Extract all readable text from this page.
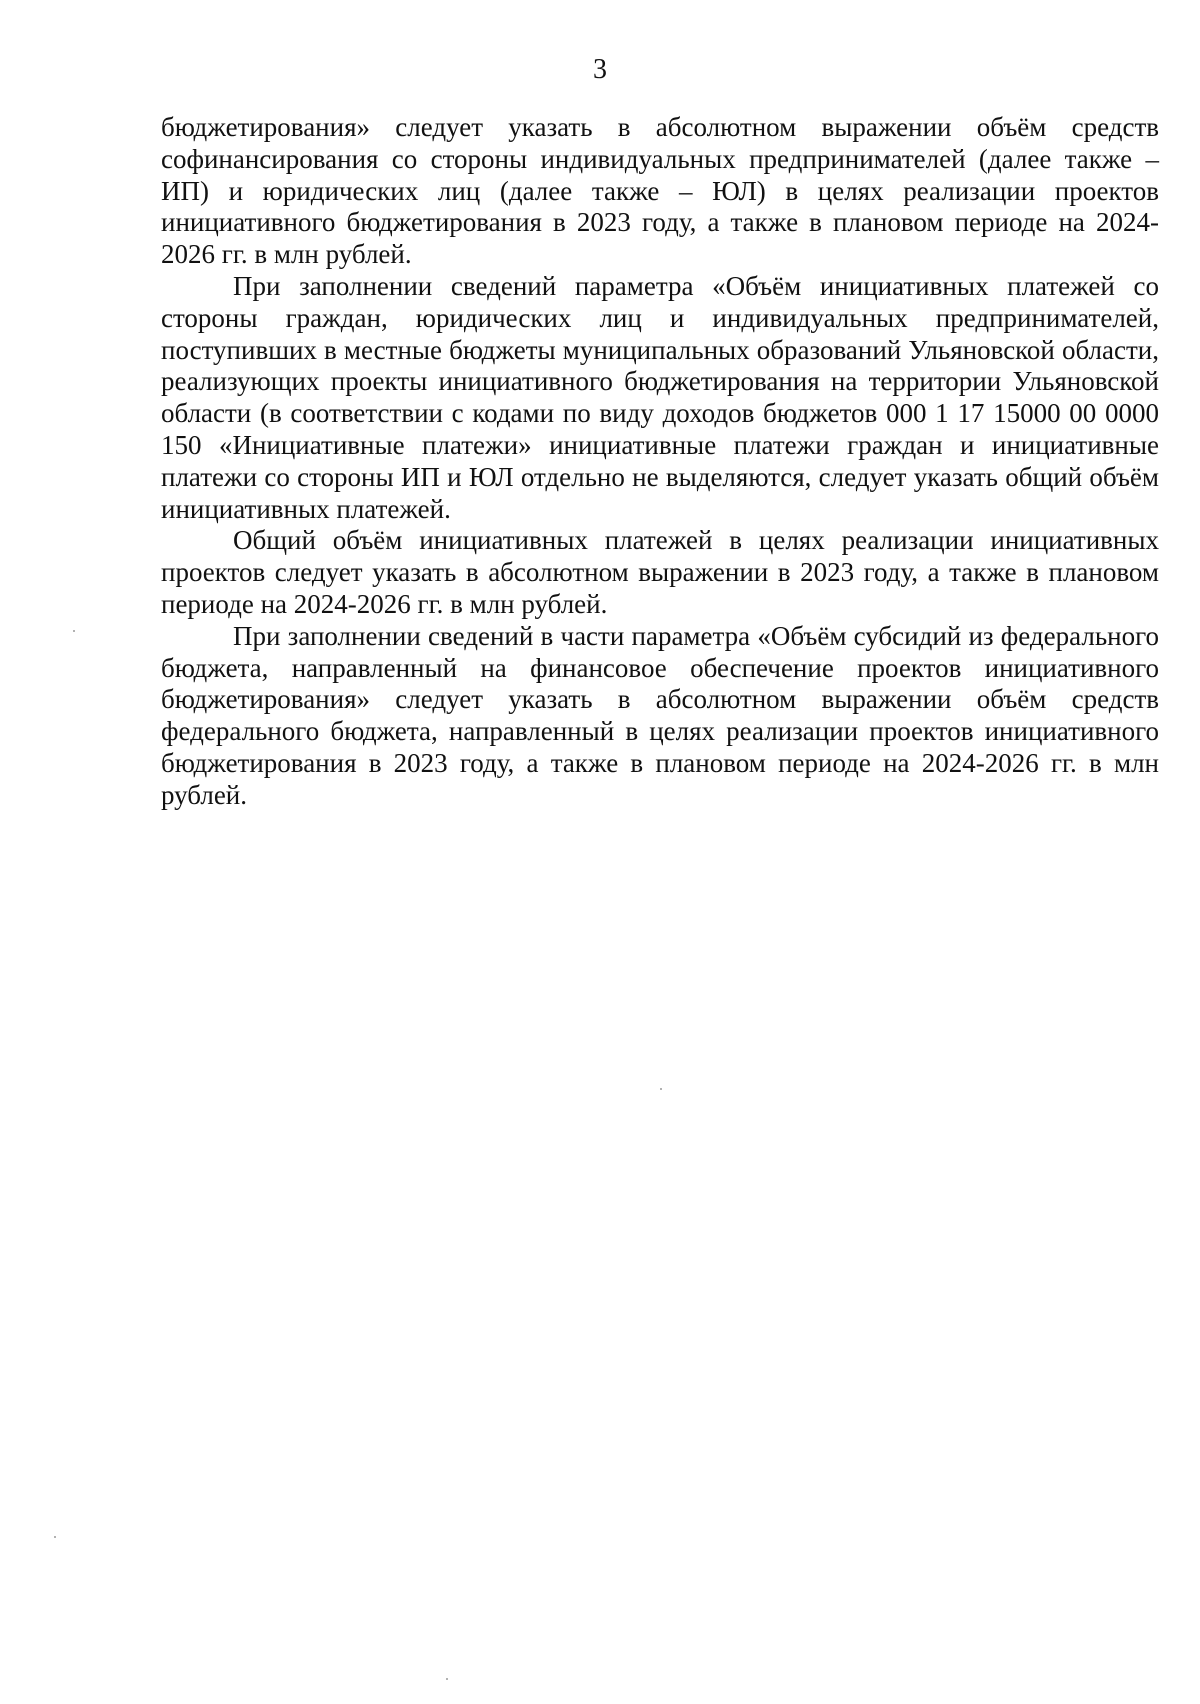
3

бюджетирования» следует указать в абсолютном выражении объём средств софинансирования со стороны индивидуальных предпринимателей (далее также – ИП) и юридических лиц (далее также – ЮЛ) в целях реализации проектов инициативного бюджетирования в 2023 году, а также в плановом периоде на 2024-2026 гг. в млн рублей.

При заполнении сведений параметра «Объём инициативных платежей со стороны граждан, юридических лиц и индивидуальных предпринимателей, поступивших в местные бюджеты муниципальных образований Ульяновской области, реализующих проекты инициативного бюджетирования на территории Ульяновской области (в соответствии с кодами по виду доходов бюджетов 000 1 17 15000 00 0000 150 «Инициативные платежи» инициативные платежи граждан и инициативные платежи со стороны ИП и ЮЛ отдельно не выделяются, следует указать общий объём инициативных платежей.

Общий объём инициативных платежей в целях реализации инициативных проектов следует указать в абсолютном выражении в 2023 году, а также в плановом периоде на 2024-2026 гг. в млн рублей.

При заполнении сведений в части параметра «Объём субсидий из федерального бюджета, направленный на финансовое обеспечение проектов инициативного бюджетирования» следует указать в абсолютном выражении объём средств федерального бюджета, направленный в целях реализации проектов инициативного бюджетирования в 2023 году, а также в плановом периоде на 2024-2026 гг. в млн рублей.
